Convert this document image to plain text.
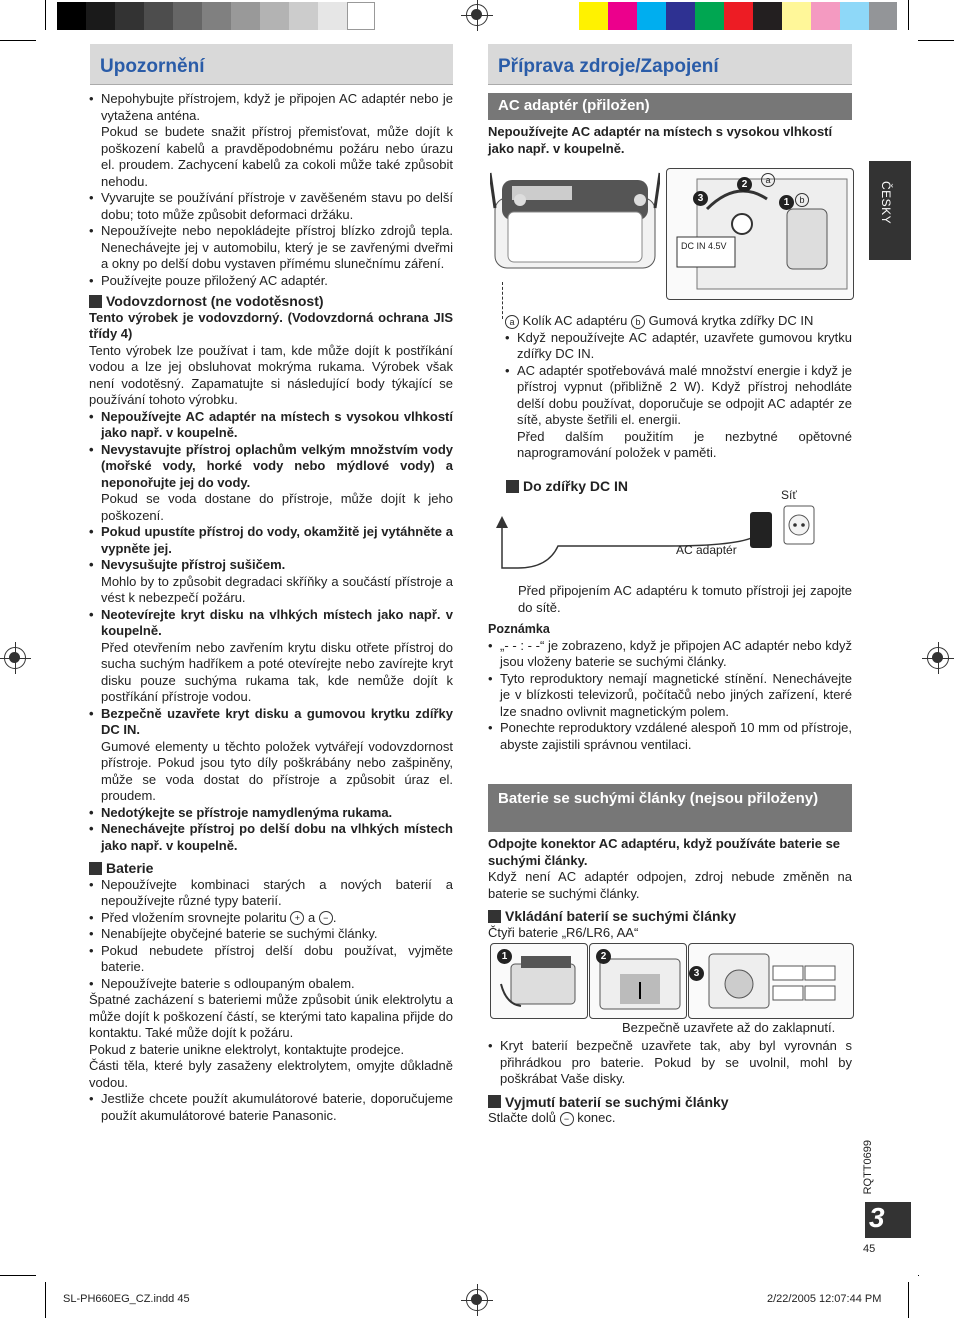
Upozornění

• Nepohybujte přístrojem, když je připojen AC adaptér nebo je vytažena anténa.

Pokud se budete snažit přístroj přemisťovat, může dojít k poškození kabelů a pravděpodobnému požáru nebo úrazu el. proudem. Zachycení kabelů za cokoli může také způsobit nehodu.

• Vyvarujte se používání přístroje v zavěšeném stavu po delší dobu; toto může způsobit deformaci držáku.

• Nepoužívejte nebo nepokládejte přístroj blízko zdrojů tepla. Nenechávejte jej v automobilu, který je se zavřenými dveřmi a okny po delší dobu vystaven přímému slunečnímu záření.

• Používejte pouze přiložený AC adaptér.

Vodovzdornost (ne vodotěsnost)

Tento výrobek je vodovzdorný. (Vodovzdorná ochrana JIS třídy 4)

Tento výrobek lze používat i tam, kde může dojít k postříkání vodou a lze jej obsluhovat mokrýma rukama. Výrobek však není vodotěsný. Zapamatujte si následující body týkající se používání tohoto výrobku.

• Nepoužívejte AC adaptér na místech s vysokou vlhkostí jako např. v koupelně.

• Nevystavujte přístroj oplachům velkým množstvím vody (mořské vody, horké vody nebo mýdlové vody) a neponořujte jej do vody.

Pokud se voda dostane do přístroje, může dojít k jeho poškození.

• Pokud upustíte přístroj do vody, okamžitě jej vytáhněte a vypněte jej.

• Nevysušujte přístroj sušičem.

Mohlo by to způsobit degradaci skříňky a součástí přístroje a vést k nebezpečí požáru.

• Neotevírejte kryt disku na vlhkých místech jako např. v koupelně.

Před otevřením nebo zavřením krytu disku otřete přístroj do sucha suchým hadříkem a poté otevírejte nebo zavírejte kryt disku pouze suchýma rukama tak, kde nemůže dojít k postříkání přístroje vodou.

• Bezpečně uzavřete kryt disku a gumovou krytku zdířky DC IN.

Gumové elementy u těchto položek vytvářejí vodovzdornost přístroje. Pokud jsou tyto díly poškrábány nebo zašpiněny, může se voda dostat do přístroje a způsobit úraz el. proudem.

• Nedotýkejte se přístroje namydlenýma rukama.

• Nenechávejte přístroj po delší dobu na vlhkých místech jako např. v koupelně.

Baterie

• Nepoužívejte kombinaci starých a nových baterií a nepoužívejte různé typy baterií.

• Před vložením srovnejte polaritu + a − .

• Nenabíjejte obyčejné baterie se suchými články.

• Pokud nebudete přístroj delší dobu používat, vyjměte baterie.

• Nepoužívejte baterie s odloupaným obalem.

Špatné zacházení s bateriemi může způsobit únik elektrolytu a může dojít k poškození částí, se kterými tato kapalina přijde do kontaktu. Také může dojít k požáru.

Pokud z baterie unikne elektrolyt, kontaktujte prodejce.

Části těla, které byly zasaženy elektrolytem, omyjte důkladně vodou.

• Jestliže chcete použít akumulátorové baterie, doporučujeme použít akumulátorové baterie Panasonic.

Příprava zdroje/Zapojení
AC adaptér (přiložen)
Nepoužívejte AC adaptér na místech s vysokou vlhkostí jako např. v koupelně.
DC IN 4.5V
3
2
1
a
b

a Kolík AC adaptéru b Gumová krytka zdířky DC IN

• Když nepoužívejte AC adaptér, uzavřete gumovou krytku zdířky DC IN.

• AC adaptér spotřebovává malé množství energie i když je přístroj vypnut (přibližně 2 W). Když přístroj nehodláte delší dobu používat, doporučuje se odpojit AC adaptér ze sítě, abyste šetřili el. energii.

Před dalším použitím je nezbytné opětovné naprogramování položek v paměti.

Do zdířky DC IN
Síť
AC adaptér

Před připojením AC adaptéru k tomuto přístroji jej zapojte do sítě.

Poznámka

• „- - : - -“ je zobrazeno, když je připojen AC adaptér nebo když jsou vloženy baterie se suchými články.

• Tyto reproduktory nemají magnetické stínění. Nenechávejte je v blízkosti televizorů, počítačů nebo jiných zařízení, které lze snadno ovlivnit magnetickým polem.

• Ponechte reproduktory vzdálené alespoň 10 mm od přístroje, abyste zajistili správnou ventilaci.

Baterie se suchými články (nejsou přiloženy)

Odpojte konektor AC adaptéru, když používáte baterie se suchými články.

Když není AC adaptér odpojen, zdroj nebude změněn na baterie se suchými články.

Vkládání baterií se suchými články

Čtyři baterie „R6/LR6, AA“

1	2
3
Bezpečně uzavřete až do zaklapnutí.

• Kryt baterií bezpečně uzavřete tak, aby byl vyrovnán s přihrádkou pro baterie. Pokud by se uvolnil, mohl by poškrábat Vaše disky.

Vyjmutí baterií se suchými články

Stlačte dolů − konec.

ČESKY
RQTT0699
3
45
SL-PH660EG_CZ.indd 45	2/22/2005 12:07:44 PM
